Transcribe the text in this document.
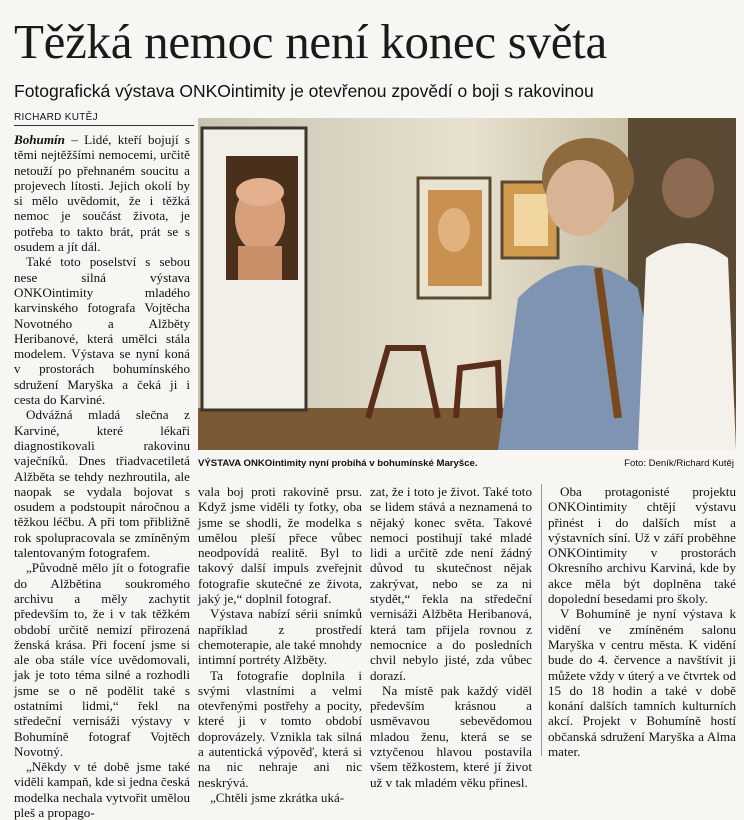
Těžká nemoc není konec světa
Fotografická výstava ONKOintimity je otevřenou zpovědí o boji s rakovinou
RICHARD KUTĚJ

Bohumín – Lidé, kteří bojují s těmi nejtěžšími nemocemi, určitě netouží po přehnaném soucitu a projevech lítosti. Jejich okolí by si mělo uvědomit, že i těžká nemoc je součást života, je potřeba to takto brát, prát se s osudem a jít dál.

Také toto poselství s sebou nese silná výstava ONKOintimity mladého karvinského fotografa Vojtěcha Novotného a Alžběty Heribanové, která umělci stála modelem. Výstava se nyní koná v prostorách bohumínského sdružení Maryška a čeká ji i cesta do Karviné.

Odvážná mladá slečna z Karviné, které lékaři diagnostikovali rakovinu vaječníků. Dnes třiadvacetiletá Alžběta se tehdy nezhroutila, ale naopak se vydala bojovat s osudem a podstoupit náročnou a těžkou léčbu. A při tom přibližně rok spolupracovala se zmíněným talentovaným fotografem.

„Původně mělo jít o fotografie do Alžbětina soukromého archivu a měly zachytit především to, že i v tak těžkém období určitě nemizí přirozená ženská krása. Při focení jsme si ale oba stále více uvědomovali, jak je toto téma silné a rozhodli jsme se o ně podělit také s ostatními lidmi,“ řekl na středeční vernisáži výstavy v Bohumíně fotograf Vojtěch Novotný.

„Někdy v té době jsme také viděli kampaň, kde si jedna česká modelka nechala vytvořit umělou pleš a propago-

VÝSTAVA ONKOintimity nyní probíhá v bohumínské Maryšce.	Foto: Deník/Richard Kutěj

vala boj proti rakovině prsu. Když jsme viděli ty fotky, oba jsme se shodli, že modelka s umělou pleší přece vůbec neodpovídá realitě. Byl to takový další impuls zveřejnit fotografie skutečné ze života, jaký je,“ doplnil fotograf.

Výstava nabízí sérii snímků například z prostředí chemoterapie, ale také mnohdy intimní portréty Alžběty.

Ta fotografie doplnila i svými vlastními a velmi otevřenými postřehy a pocity, které ji v tomto období doprovázely. Vznikla tak silná a autentická výpověď, která si na nic nehraje ani nic neskrývá.

„Chtěli jsme zkrátka uká-

zat, že i toto je život. Také toto se lidem stává a neznamená to nějaký konec světa. Takové nemoci postihují také mladé lidi a určitě zde není žádný důvod tu skutečnost nějak zakrývat, nebo se za ni stydět,“ řekla na středeční vernisáži Alžběta Heribanová, která tam přijela rovnou z nemocnice a do posledních chvil nebylo jisté, zda vůbec dorazí.

Na místě pak každý viděl především krásnou a usměvavou sebevědomou mladou ženu, která se se vztyčenou hlavou postavila všem těžkostem, které jí život už v tak mladém věku přinesl.

Oba protagonisté projektu ONKOintimity chtějí výstavu přinést i do dalších míst a výstavních síní. Už v září proběhne ONKOintimity v prostorách Okresního archivu Karviná, kde by akce měla být doplněna také dopolední besedami pro školy.

V Bohumíně je nyní výstava k vidění ve zmíněném salonu Maryška v centru města. K vidění bude do 4. července a navštívit ji můžete vždy v úterý a ve čtvrtek od 15 do 18 hodin a také v době konání dalších tamních kulturních akcí. Projekt v Bohumíně hostí občanská sdružení Maryška a Alma mater.
